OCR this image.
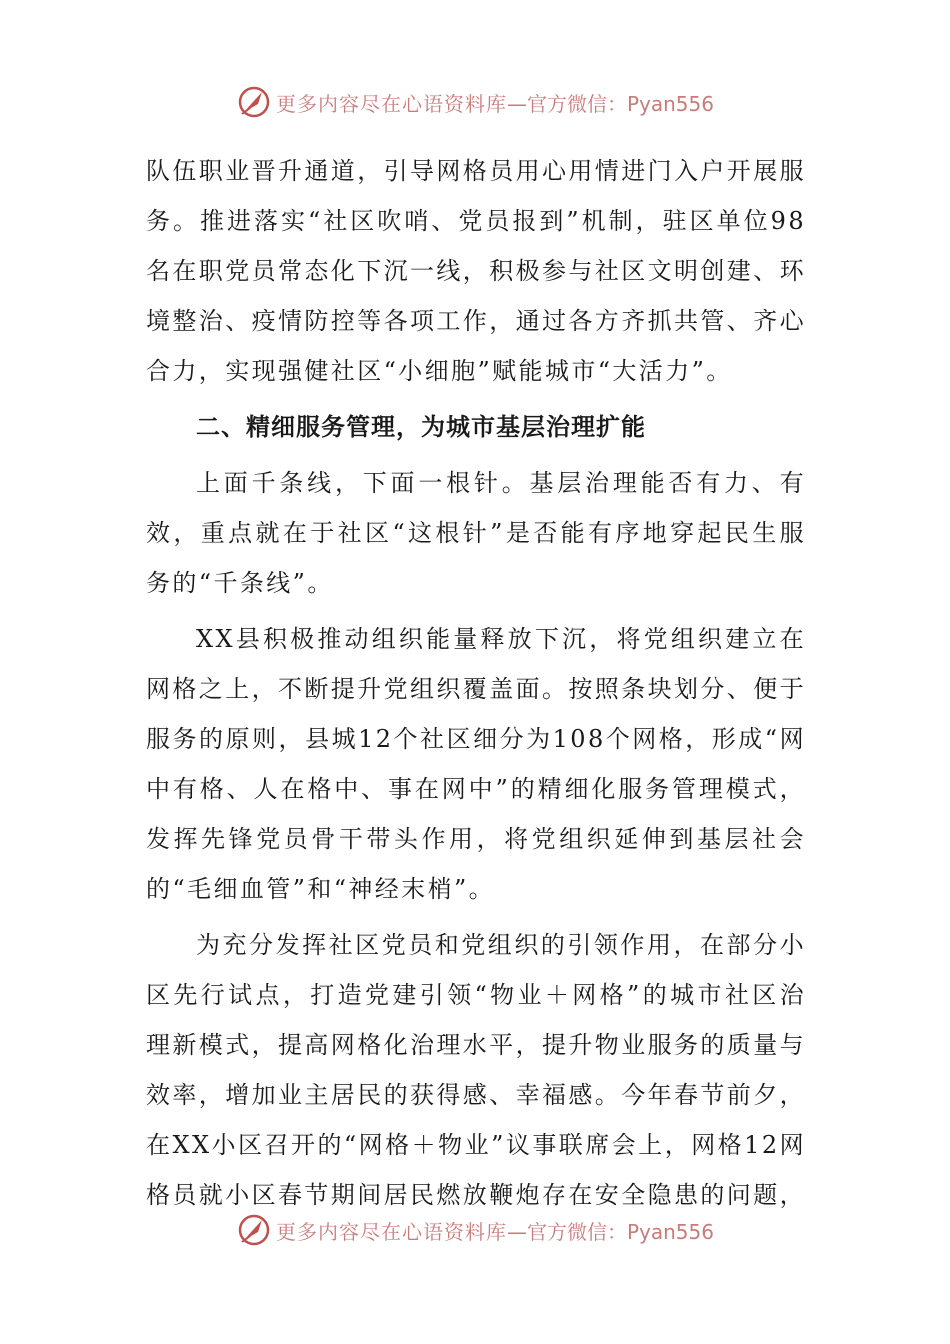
更多内容尽在心语资料库 —官方微信：Pyan556

队伍职业晋升通道，引导网格员用心用情进门入户开展服务。推进落实“社区吹哨、党员报到”机制，驻区单位98名在职党员常态化下沉一线，积极参与社区文明创建、环境整治、疫情防控等各项工作，通过各方齐抓共管、齐心合力，实现强健社区“小细胞”赋能城市“大活力”。

二、精细服务管理，为城市基层治理扩能

上面千条线，下面一根针。基层治理能否有力、有效，重点就在于社区“这根针”是否能有序地穿起民生服务的“千条线”。

XX县积极推动组织能量释放下沉，将党组织建立在网格之上，不断提升党组织覆盖面。按照条块划分、便于服务的原则，县城12个社区细分为108个网格，形成“网中有格、人在格中、事在网中”的精细化服务管理模式，发挥先锋党员骨干带头作用，将党组织延伸到基层社会的“毛细血管”和“神经末梢”。

为充分发挥社区党员和党组织的引领作用，在部分小区先行试点，打造党建引领“物业＋网格”的城市社区治理新模式，提高网格化治理水平，提升物业服务的质量与效率，增加业主居民的获得感、幸福感。今年春节前夕，在XX小区召开的“网格＋物业”议事联席会上，网格12网格员就小区春节期间居民燃放鞭炮存在安全隐患的问题，

更多内容尽在心语资料库 —官方微信：Pyan556
